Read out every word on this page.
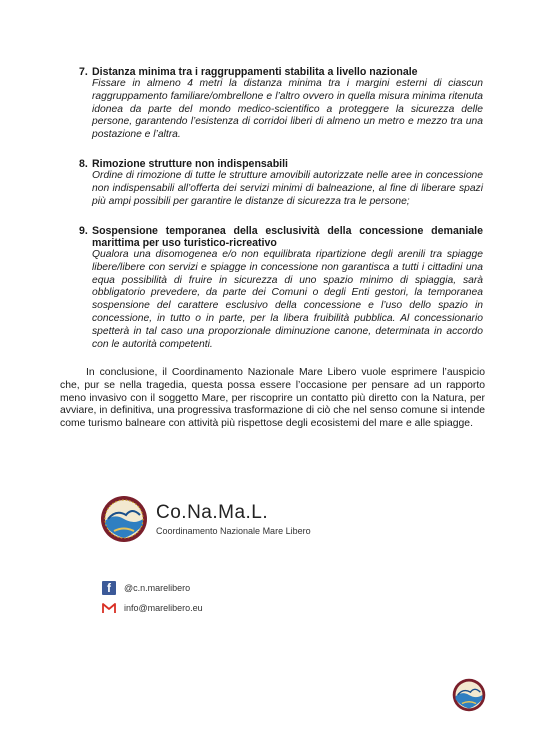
7. Distanza minima tra i raggruppamenti stabilita a livello nazionale
Fissare in almeno 4 metri la distanza minima tra i margini esterni di ciascun raggruppamento familiare/ombrellone e l’altro ovvero in quella misura minima ritenuta idonea da parte del mondo medico-scientifico a proteggere la sicurezza delle persone, garantendo l’esistenza di corridoi liberi di almeno un metro e mezzo tra una postazione e l’altra.
8. Rimozione strutture non indispensabili
Ordine di rimozione di tutte le strutture amovibili autorizzate nelle aree in concessione non indispensabili all’offerta dei servizi minimi di balneazione, al fine di liberare spazi più ampi possibili per garantire le distanze di sicurezza tra le persone;
9. Sospensione temporanea della esclusività della concessione demaniale marittima per uso turistico-ricreativo
Qualora una disomogenea e/o non equilibrata ripartizione degli arenili tra spiagge libere/libere con servizi e spiagge in concessione non garantisca a tutti i cittadini una equa possibilità di fruire in sicurezza di uno spazio minimo di spiaggia, sarà obbligatorio prevedere, da parte dei Comuni o degli Enti gestori, la temporanea sospensione del carattere esclusivo della concessione e l’uso dello spazio in concessione, in tutto o in parte, per la libera fruibilità pubblica. Al concessionario spetterà in tal caso una proporzionale diminuzione canone, determinata in accordo con le autorità competenti.
In conclusione, il Coordinamento Nazionale Mare Libero vuole esprimere l’auspicio che, pur se nella tragedia, questa possa essere l’occasione per pensare ad un rapporto meno invasivo con il soggetto Mare, per riscoprire un contatto più diretto con la Natura, per avviare, in definitiva, una progressiva trasformazione di ciò che nel senso comune si intende come turismo balneare con attività più rispettose degli ecosistemi del mare e alle spiagge.
Co.Na.Ma.L.
Coordinamento Nazionale Mare Libero
f	@c.n.marelibero
info@marelibero.eu
